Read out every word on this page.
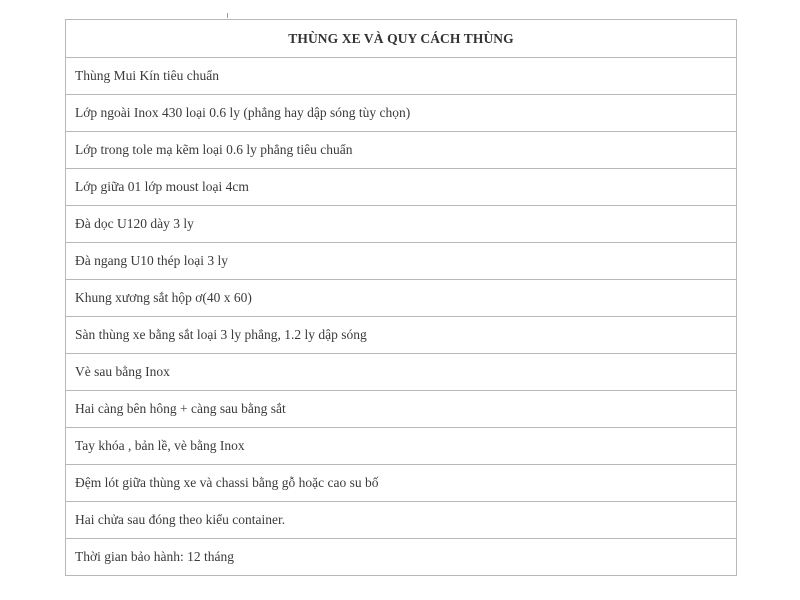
THÙNG XE VÀ QUY CÁCH THÙNG
Thùng Mui Kín tiêu chuẩn
Lớp ngoài Inox 430 loại 0.6 ly (phẳng hay dập sóng tùy chọn)
Lớp trong tole mạ kẽm loại 0.6 ly phẳng tiêu chuẩn
Lớp giữa 01 lớp moust loại 4cm
Đà dọc U120 dày 3 ly
Đà ngang U10 thép loại 3 ly
Khung xương sắt hộp ơ(40 x 60)
Sàn thùng xe bằng sắt loại 3 ly phẳng, 1.2 ly dập sóng
Vè sau bằng Inox
Hai càng bên hông + càng sau bằng sắt
Tay khóa , bản lề, vè bằng Inox
Đệm lót giữa thùng xe và chassi bằng gỗ hoặc cao su bố
Hai chửa sau đóng theo kiểu container.
Thời gian bảo hành: 12 tháng
